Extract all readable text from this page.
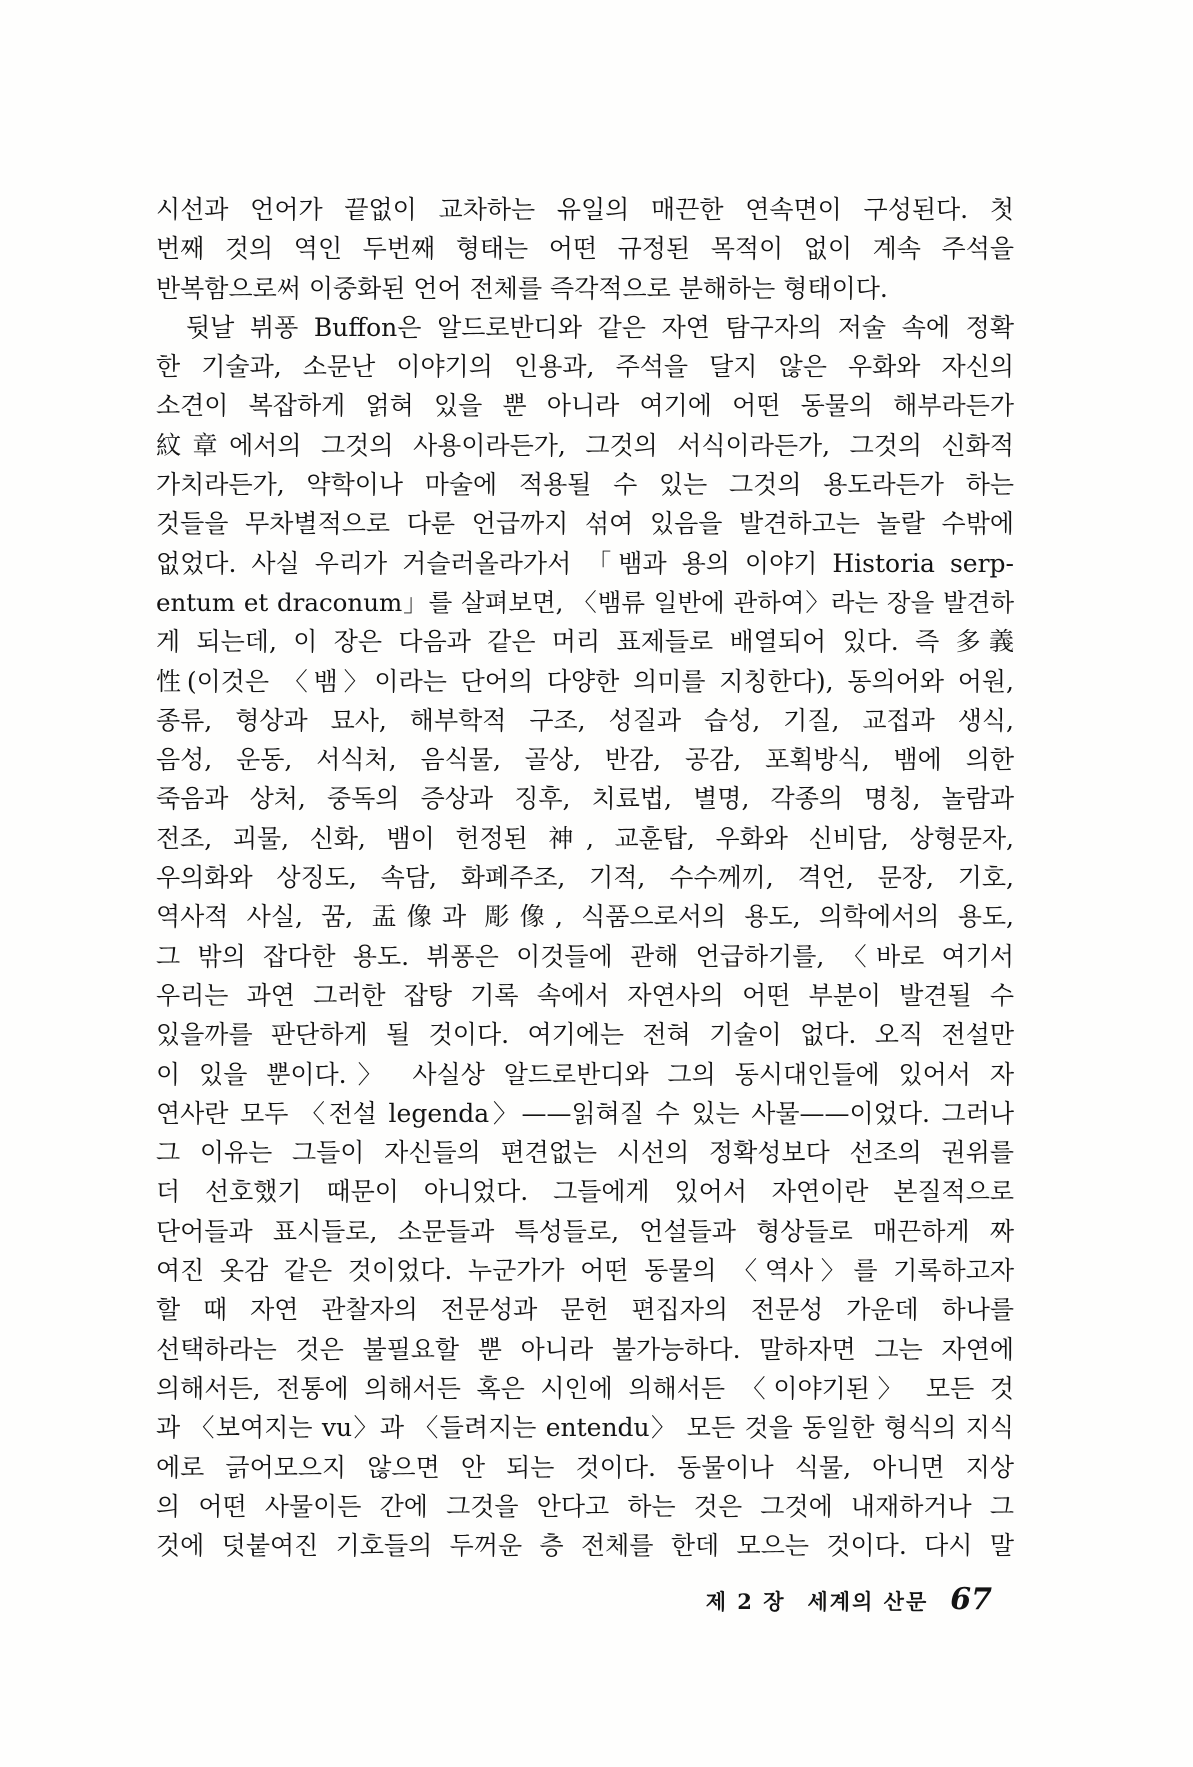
시선과 언어가 끝없이 교차하는 유일의 매끈한 연속면이 구성된다. 첫
번째 것의 역인 두번째 형태는 어떤 규정된 목적이 없이 계속 주석을
반복함으로써 이중화된 언어 전체를 즉각적으로 분해하는 형태이다.
뒷날 뷔퐁 Buffon은 알드로반디와 같은 자연 탐구자의 저술 속에 정확
한 기술과, 소문난 이야기의 인용과, 주석을 달지 않은 우화와 자신의
소견이 복잡하게 얽혀 있을 뿐 아니라 여기에 어떤 동물의 해부라든가
紋章에서의 그것의 사용이라든가, 그것의 서식이라든가, 그것의 신화적
가치라든가, 약학이나 마술에 적용될 수 있는 그것의 용도라든가 하는
것들을 무차별적으로 다룬 언급까지 섞여 있음을 발견하고는 놀랄 수밖에
없었다. 사실 우리가 거슬러올라가서 「뱀과 용의 이야기 Historia serp-
entum et draconum」를 살펴보면, 〈뱀류 일반에 관하여〉라는 장을 발견하
게 되는데, 이 장은 다음과 같은 머리 표제들로 배열되어 있다. 즉 多義
性(이것은 〈뱀〉이라는 단어의 다양한 의미를 지칭한다), 동의어와 어원,
종류, 형상과 묘사, 해부학적 구조, 성질과 습성, 기질, 교접과 생식,
음성, 운동, 서식처, 음식물, 골상, 반감, 공감, 포획방식, 뱀에 의한
죽음과 상처, 중독의 증상과 징후, 치료법, 별명, 각종의 명칭, 놀람과
전조, 괴물, 신화, 뱀이 헌정된 神, 교훈탑, 우화와 신비담, 상형문자,
우의화와 상징도, 속담, 화폐주조, 기적, 수수께끼, 격언, 문장, 기호,
역사적 사실, 꿈, 盂像과 彫像, 식품으로서의 용도, 의학에서의 용도,
그 밖의 잡다한 용도. 뷔퐁은 이것들에 관해 언급하기를, 〈바로 여기서
우리는 과연 그러한 잡탕 기록 속에서 자연사의 어떤 부분이 발견될 수
있을까를 판단하게 될 것이다. 여기에는 전혀 기술이 없다. 오직 전설만
이 있을 뿐이다.〉 사실상 알드로반디와 그의 동시대인들에 있어서 자
연사란 모두 〈전설 legenda〉——읽혀질 수 있는 사물——이었다. 그러나
그 이유는 그들이 자신들의 편견없는 시선의 정확성보다 선조의 권위를
더 선호했기 때문이 아니었다. 그들에게 있어서 자연이란 본질적으로
단어들과 표시들로, 소문들과 특성들로, 언설들과 형상들로 매끈하게 짜
여진 옷감 같은 것이었다. 누군가가 어떤 동물의 〈역사〉를 기록하고자
할 때 자연 관찰자의 전문성과 문헌 편집자의 전문성 가운데 하나를
선택하라는 것은 불필요할 뿐 아니라 불가능하다. 말하자면 그는 자연에
의해서든, 전통에 의해서든 혹은 시인에 의해서든 〈이야기된〉 모든 것
과 〈보여지는 vu〉과 〈들려지는 entendu〉 모든 것을 동일한 형식의 지식
에로 긁어모으지 않으면 안 되는 것이다. 동물이나 식물, 아니면 지상
의 어떤 사물이든 간에 그것을 안다고 하는 것은 그것에 내재하거나 그
것에 덧붙여진 기호들의 두꺼운 층 전체를 한데 모으는 것이다. 다시 말
제 2 장 세계의 산문 67
